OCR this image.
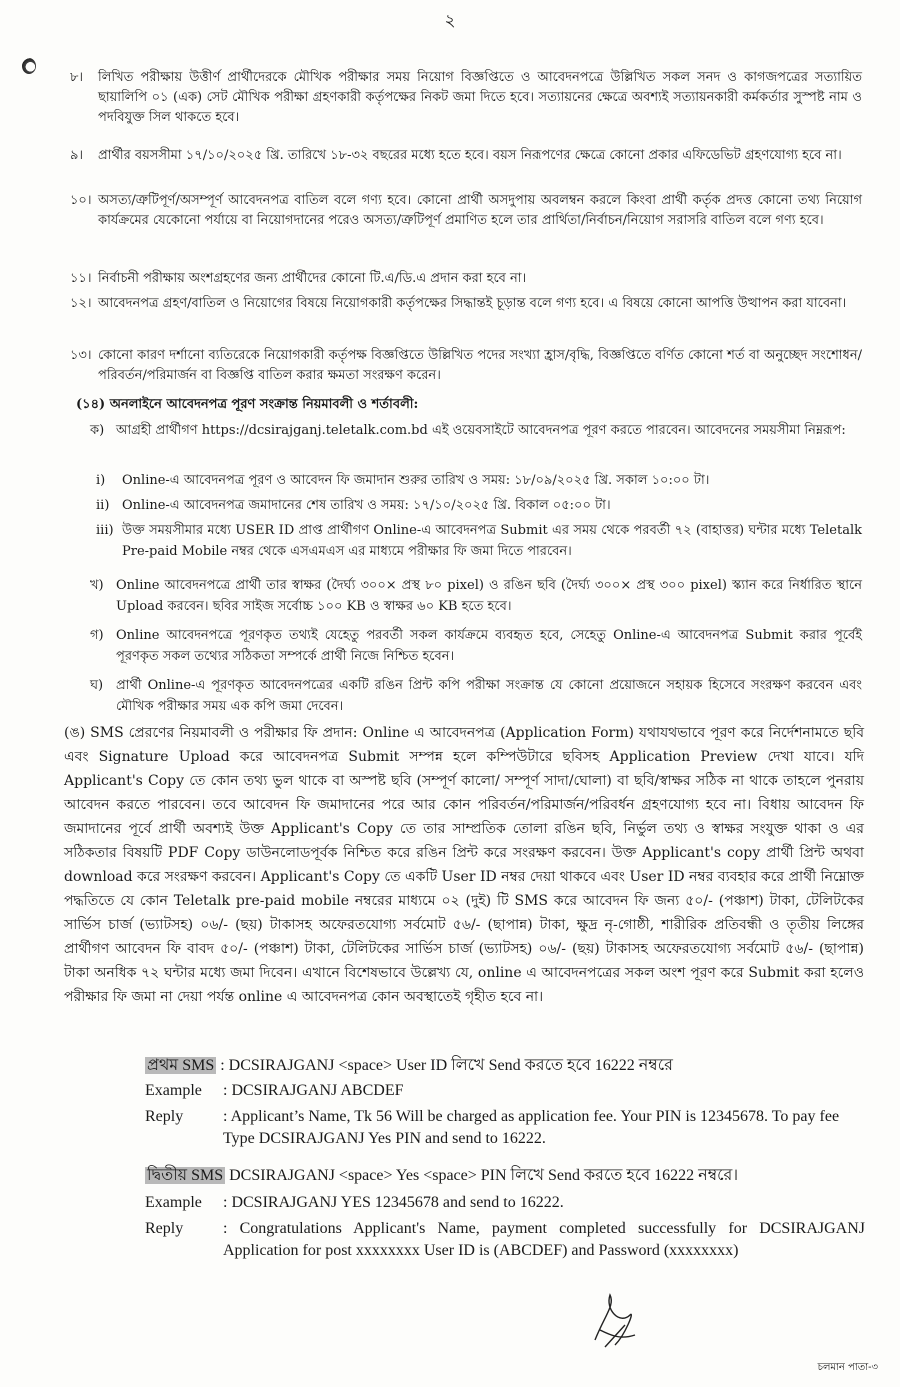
২
৮। লিখিত পরীক্ষায় উত্তীর্ণ প্রার্থীদেরকে মৌখিক পরীক্ষার সময় নিয়োগ বিজ্ঞপ্তিতে ও আবেদনপত্রে উল্লিখিত সকল সনদ ও কাগজপত্রের সত্যায়িত ছায়ালিপি ০১ (এক) সেট মৌখিক পরীক্ষা গ্রহণকারী কর্তৃপক্ষের নিকট জমা দিতে হবে। সত্যায়নের ক্ষেত্রে অবশ্যই সত্যায়নকারী কর্মকর্তার সুস্পষ্ট নাম ও পদবিযুক্ত সিল থাকতে হবে।
৯। প্রার্থীর বয়সসীমা ১৭/১০/২০২৫ খ্রি. তারিখে ১৮-৩২ বছরের মধ্যে হতে হবে। বয়স নিরূপণের ক্ষেত্রে কোনো প্রকার এফিডেভিট গ্রহণযোগ্য হবে না।
১০। অসত্য/ত্রুটিপূর্ণ/অসম্পূর্ণ আবেদনপত্র বাতিল বলে গণ্য হবে। কোনো প্রার্থী অসদুপায় অবলম্বন করলে কিংবা প্রার্থী কর্তৃক প্রদত্ত কোনো তথ্য নিয়োগ কার্যক্রমের যেকোনো পর্যায়ে বা নিয়োগদানের পরেও অসত্য/ত্রুটিপূর্ণ প্রমাণিত হলে তার প্রার্থিতা/নির্বাচন/নিয়োগ সরাসরি বাতিল বলে গণ্য হবে।
১১। নির্বাচনী পরীক্ষায় অংশগ্রহণের জন্য প্রার্থীদের কোনো টি.এ/ডি.এ প্রদান করা হবে না।
১২। আবেদনপত্র গ্রহণ/বাতিল ও নিয়োগের বিষয়ে নিয়োগকারী কর্তৃপক্ষের সিদ্ধান্তই চূড়ান্ত বলে গণ্য হবে। এ বিষয়ে কোনো আপত্তি উত্থাপন করা যাবেনা।
১৩। কোনো কারণ দর্শানো ব্যতিরেকে নিয়োগকারী কর্তৃপক্ষ বিজ্ঞপ্তিতে উল্লিখিত পদের সংখ্যা হ্রাস/বৃদ্ধি, বিজ্ঞপ্তিতে বর্ণিত কোনো শর্ত বা অনুচ্ছেদ সংশোধন/পরিবর্তন/পরিমার্জন বা বিজ্ঞপ্তি বাতিল করার ক্ষমতা সংরক্ষণ করেন।
(১৪) অনলাইনে আবেদনপত্র পূরণ সংক্রান্ত নিয়মাবলী ও শর্তাবলী:
ক) আগ্রহী প্রার্থীগণ https://dcsirajganj.teletalk.com.bd এই ওয়েবসাইটে আবেদনপত্র পূরণ করতে পারবেন। আবেদনের সময়সীমা নিম্নরূপ:
i) Online-এ আবেদনপত্র পূরণ ও আবেদন ফি জমাদান শুরুর তারিখ ও সময়: ১৮/০৯/২০২৫ খ্রি. সকাল ১০:০০ টা।
ii) Online-এ আবেদনপত্র জমাদানের শেষ তারিখ ও সময়: ১৭/১০/২০২৫ খ্রি. বিকাল ০৫:০০ টা।
iii) উক্ত সময়সীমার মধ্যে USER ID প্রাপ্ত প্রার্থীগণ Online-এ আবেদনপত্র Submit এর সময় থেকে পরবর্তী ৭২ (বাহাত্তর) ঘন্টার মধ্যে Teletalk Pre-paid Mobile নম্বর থেকে এসএমএস এর মাধ্যমে পরীক্ষার ফি জমা দিতে পারবেন।
খ) Online আবেদনপত্রে প্রার্থী তার স্বাক্ষর (দৈর্ঘ্য ৩০০× প্রস্থ ৮০ pixel) ও রঙিন ছবি (দৈর্ঘ্য ৩০০× প্রস্থ ৩০০ pixel) স্ক্যান করে নির্ধারিত স্থানে Upload করবেন। ছবির সাইজ সর্বোচ্চ ১০০ KB ও স্বাক্ষর ৬০ KB হতে হবে।
গ) Online আবেদনপত্রে পূরণকৃত তথ্যই যেহেতু পরবর্তী সকল কার্যক্রমে ব্যবহৃত হবে, সেহেতু Online-এ আবেদনপত্র Submit করার পূর্বেই পূরণকৃত সকল তথ্যের সঠিকতা সম্পর্কে প্রার্থী নিজে নিশ্চিত হবেন।
ঘ) প্রার্থী Online-এ পূরণকৃত আবেদনপত্রের একটি রঙিন প্রিন্ট কপি পরীক্ষা সংক্রান্ত যে কোনো প্রয়োজনে সহায়ক হিসেবে সংরক্ষণ করবেন এবং মৌখিক পরীক্ষার সময় এক কপি জমা দেবেন।
(ঙ) SMS প্রেরণের নিয়মাবলী ও পরীক্ষার ফি প্রদান: Online এ আবেদনপত্র (Application Form) যথাযথভাবে পূরণ করে নির্দেশনামতে ছবি এবং Signature Upload করে আবেদনপত্র Submit সম্পন্ন হলে কম্পিউটারে ছবিসহ Application Preview দেখা যাবে। যদি Applicant's Copy তে কোন তথ্য ভুল থাকে বা অস্পষ্ট ছবি (সম্পূর্ণ কালো/ সম্পূর্ণ সাদা/ঘোলা) বা ছবি/স্বাক্ষর সঠিক না থাকে তাহলে পুনরায় আবেদন করতে পারবেন। তবে আবেদন ফি জমাদানের পরে আর কোন পরিবর্তন/পরিমার্জন/পরিবর্ধন গ্রহণযোগ্য হবে না। বিধায় আবেদন ফি জমাদানের পূর্বে প্রার্থী অবশ্যই উক্ত Applicant's Copy তে তার সাম্প্রতিক তোলা রঙিন ছবি, নির্ভুল তথ্য ও স্বাক্ষর সংযুক্ত থাকা ও এর সঠিকতার বিষয়টি PDF Copy ডাউনলোডপূর্বক নিশ্চিত করে রঙিন প্রিন্ট করে সংরক্ষণ করবেন। উক্ত Applicant's copy প্রার্থী প্রিন্ট অথবা download করে সংরক্ষণ করবেন। Applicant's Copy তে একটি User ID নম্বর দেয়া থাকবে এবং User ID নম্বর ব্যবহার করে প্রার্থী নিম্নোক্ত পদ্ধতিতে যে কোন Teletalk pre-paid mobile নম্বরের মাধ্যমে ০২ (দুই) টি SMS করে আবেদন ফি জন্য ৫০/- (পঞ্চাশ) টাকা, টেলিটকের সার্ভিস চার্জ (ভ্যাটসহ) ০৬/- (ছয়) টাকাসহ অফেরতযোগ্য সর্বমোট ৫৬/- (ছাপান্ন) টাকা, ক্ষুদ্র নৃ-গোষ্ঠী, শারীরিক প্রতিবন্ধী ও তৃতীয় লিঙ্গের প্রার্থীগণ আবেদন ফি বাবদ ৫০/- (পঞ্চাশ) টাকা, টেলিটকের সার্ভিস চার্জ (ভ্যাটসহ) ০৬/- (ছয়) টাকাসহ অফেরতযোগ্য সর্বমোট ৫৬/- (ছাপান্ন) টাকা অনধিক ৭২ ঘন্টার মধ্যে জমা দিবেন। এখানে বিশেষভাবে উল্লেখ্য যে, online এ আবেদনপত্রের সকল অংশ পূরণ করে Submit করা হলেও পরীক্ষার ফি জমা না দেয়া পর্যন্ত online এ আবেদনপত্র কোন অবস্থাতেই গৃহীত হবে না।
প্রথম SMS : DCSIRAJGANJ <space> User ID লিখে Send করতে হবে 16222 নম্বরে
Example : DCSIRAJGANJ ABCDEF
Reply : Applicant’s Name, Tk 56 Will be charged as application fee. Your PIN is 12345678. To pay fee Type DCSIRAJGANJ Yes PIN and send to 16222.
দ্বিতীয় SMS DCSIRAJGANJ <space> Yes <space> PIN লিখে Send করতে হবে 16222 নম্বরে।
Example : DCSIRAJGANJ YES 12345678 and send to 16222.
Reply : Congratulations Applicant's Name, payment completed successfully for DCSIRAJGANJ Application for post xxxxxxxx User ID is (ABCDEF) and Password (xxxxxxxx)
চলমান পাতা-৩
